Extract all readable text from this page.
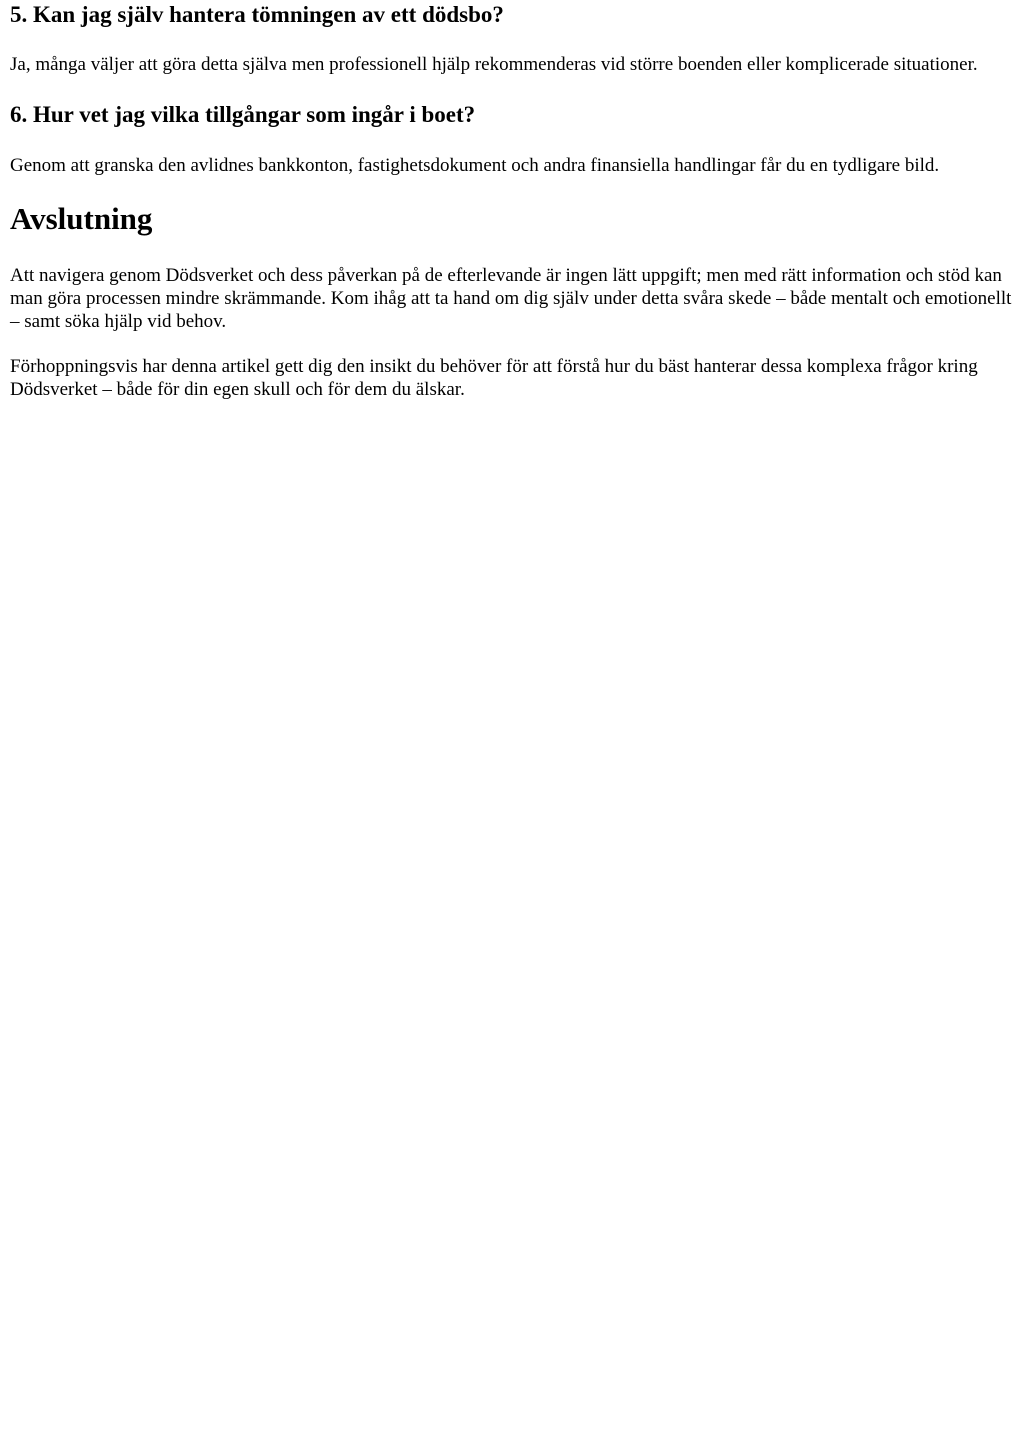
5. Kan jag själv hantera tömningen av ett dödsbo?

Ja, många väljer att göra detta själva men professionell hjälp rekommenderas vid större boenden eller komplicerade situationer.

6. Hur vet jag vilka tillgångar som ingår i boet?

Genom att granska den avlidnes bankkonton, fastighetsdokument och andra finansiella handlingar får du en tydligare bild.

Avslutning

Att navigera genom Dödsverket och dess påverkan på de efterlevande är ingen lätt uppgift; men med rätt information och stöd kan man göra processen mindre skrämmande. Kom ihåg att ta hand om dig själv under detta svåra skede – både mentalt och emotionellt – samt söka hjälp vid behov.

Förhoppningsvis har denna artikel gett dig den insikt du behöver för att förstå hur du bäst hanterar dessa komplexa frågor kring Dödsverket – både för din egen skull och för dem du älskar.
